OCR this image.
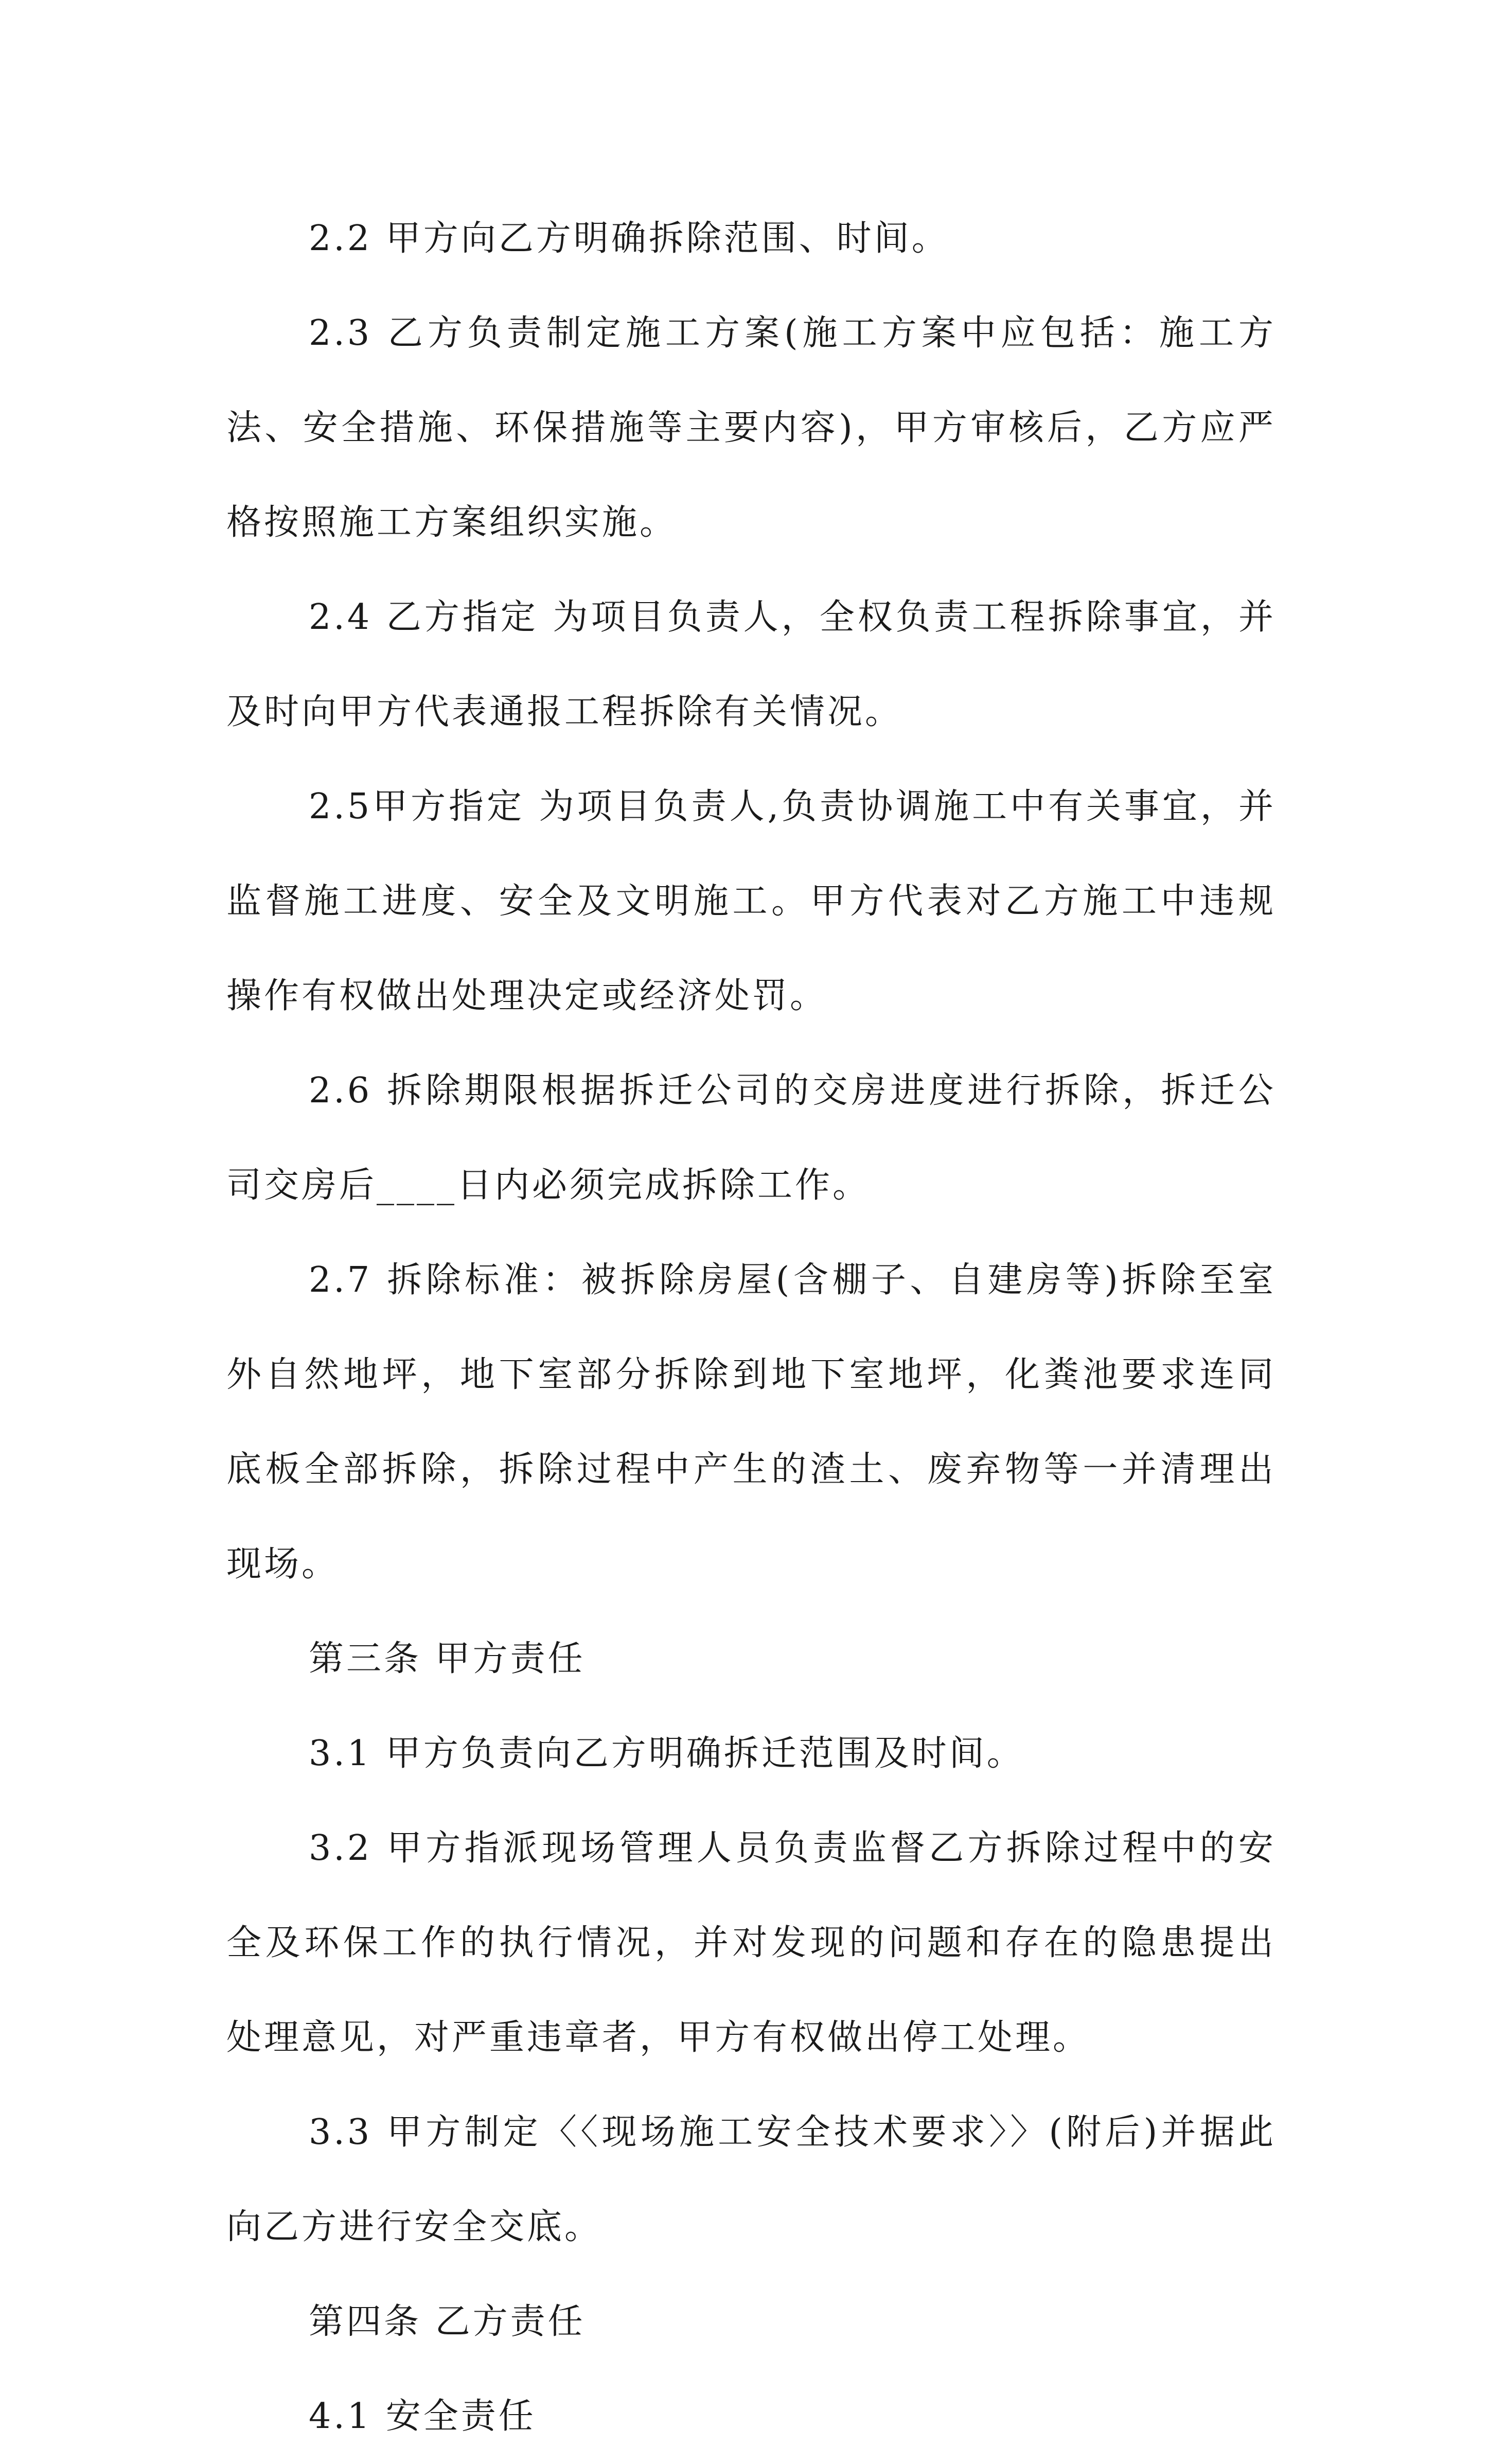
2.2 甲方向乙方明确拆除范围、时间。

2.3 乙方负责制定施工方案(施工方案中应包括：施工方法、安全措施、环保措施等主要内容)，甲方审核后，乙方应严格按照施工方案组织实施。

2.4 乙方指定 为项目负责人，全权负责工程拆除事宜，并及时向甲方代表通报工程拆除有关情况。

2.5甲方指定 为项目负责人,负责协调施工中有关事宜，并监督施工进度、安全及文明施工。甲方代表对乙方施工中违规操作有权做出处理决定或经济处罚。

2.6 拆除期限根据拆迁公司的交房进度进行拆除，拆迁公司交房后____日内必须完成拆除工作。

2.7 拆除标准：被拆除房屋(含棚子、自建房等)拆除至室外自然地坪，地下室部分拆除到地下室地坪，化粪池要求连同底板全部拆除，拆除过程中产生的渣土、废弃物等一并清理出现场。

第三条 甲方责任

3.1 甲方负责向乙方明确拆迁范围及时间。

3.2 甲方指派现场管理人员负责监督乙方拆除过程中的安全及环保工作的执行情况，并对发现的问题和存在的隐患提出处理意见，对严重违章者，甲方有权做出停工处理。

3.3 甲方制定〈〈现场施工安全技术要求〉〉(附后)并据此向乙方进行安全交底。

第四条 乙方责任

4.1 安全责任
